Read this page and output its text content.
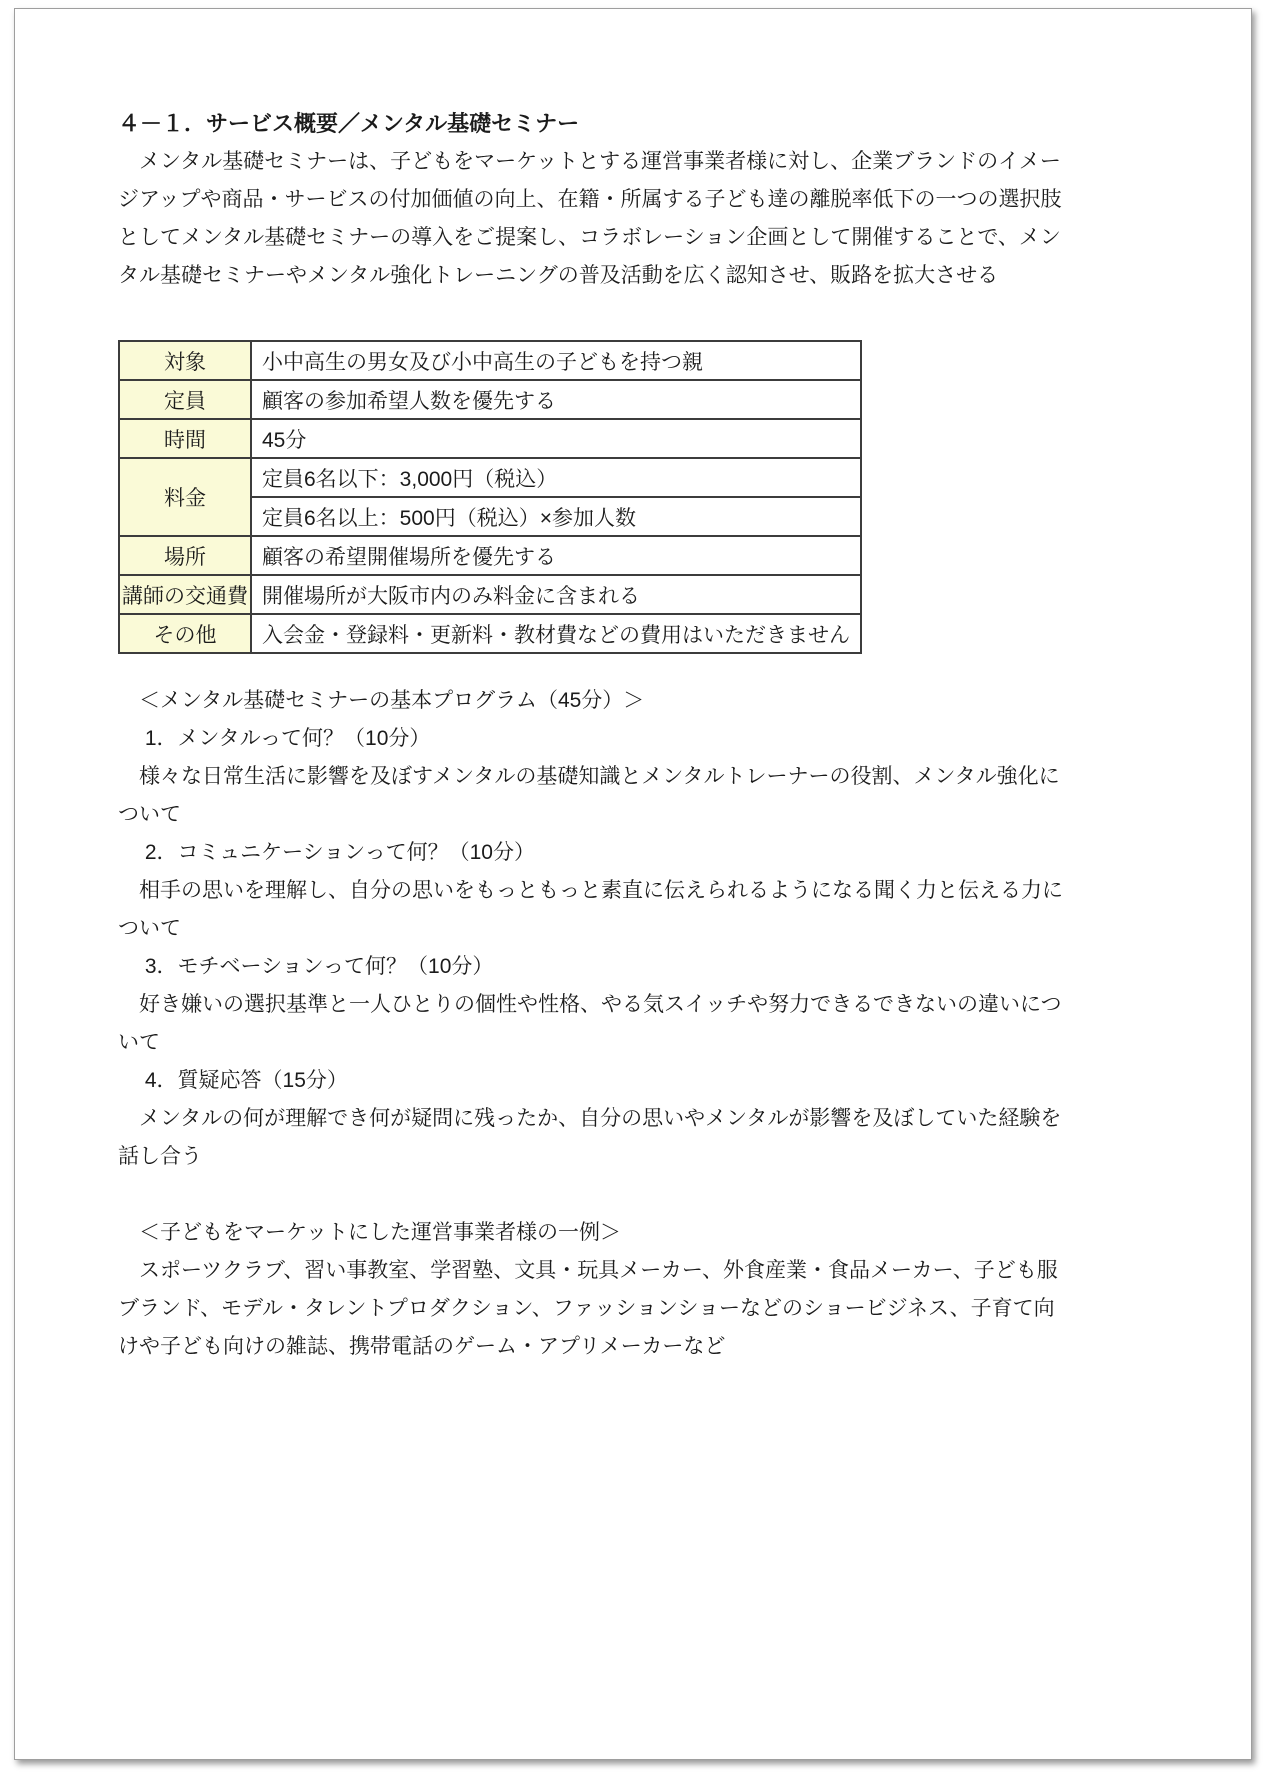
４－１．サービス概要／メンタル基礎セミナー
　メンタル基礎セミナーは、子どもをマーケットとする運営事業者様に対し、企業ブランドのイメー
ジアップや商品・サービスの付加価値の向上、在籍・所属する子ども達の離脱率低下の一つの選択肢
としてメンタル基礎セミナーの導入をご提案し、コラボレーション企画として開催することで、メン
タル基礎セミナーやメンタル強化トレーニングの普及活動を広く認知させ、販路を拡大させる
対象	小中高生の男女及び小中高生の子どもを持つ親
定員	顧客の参加希望人数を優先する
時間	45分
料金	定員6名以下：3,000円（税込）
	定員6名以上：500円（税込）×参加人数
場所	顧客の希望開催場所を優先する
講師の交通費	開催場所が大阪市内のみ料金に含まれる
その他	入会金・登録料・更新料・教材費などの費用はいただきません
　＜メンタル基礎セミナーの基本プログラム（45分）＞
　 1．メンタルって何？（10分）
　様々な日常生活に影響を及ぼすメンタルの基礎知識とメンタルトレーナーの役割、メンタル強化に
ついて
　 2．コミュニケーションって何？（10分）
　相手の思いを理解し、自分の思いをもっともっと素直に伝えられるようになる聞く力と伝える力に
ついて
　 3．モチベーションって何？（10分）
　好き嫌いの選択基準と一人ひとりの個性や性格、やる気スイッチや努力できるできないの違いにつ
いて
　 4．質疑応答（15分）
　メンタルの何が理解でき何が疑問に残ったか、自分の思いやメンタルが影響を及ぼしていた経験を
話し合う
　＜子どもをマーケットにした運営事業者様の一例＞
　スポーツクラブ、習い事教室、学習塾、文具・玩具メーカー、外食産業・食品メーカー、子ども服
ブランド、モデル・タレントプロダクション、ファッションショーなどのショービジネス、子育て向
けや子ども向けの雑誌、携帯電話のゲーム・アプリメーカーなど
